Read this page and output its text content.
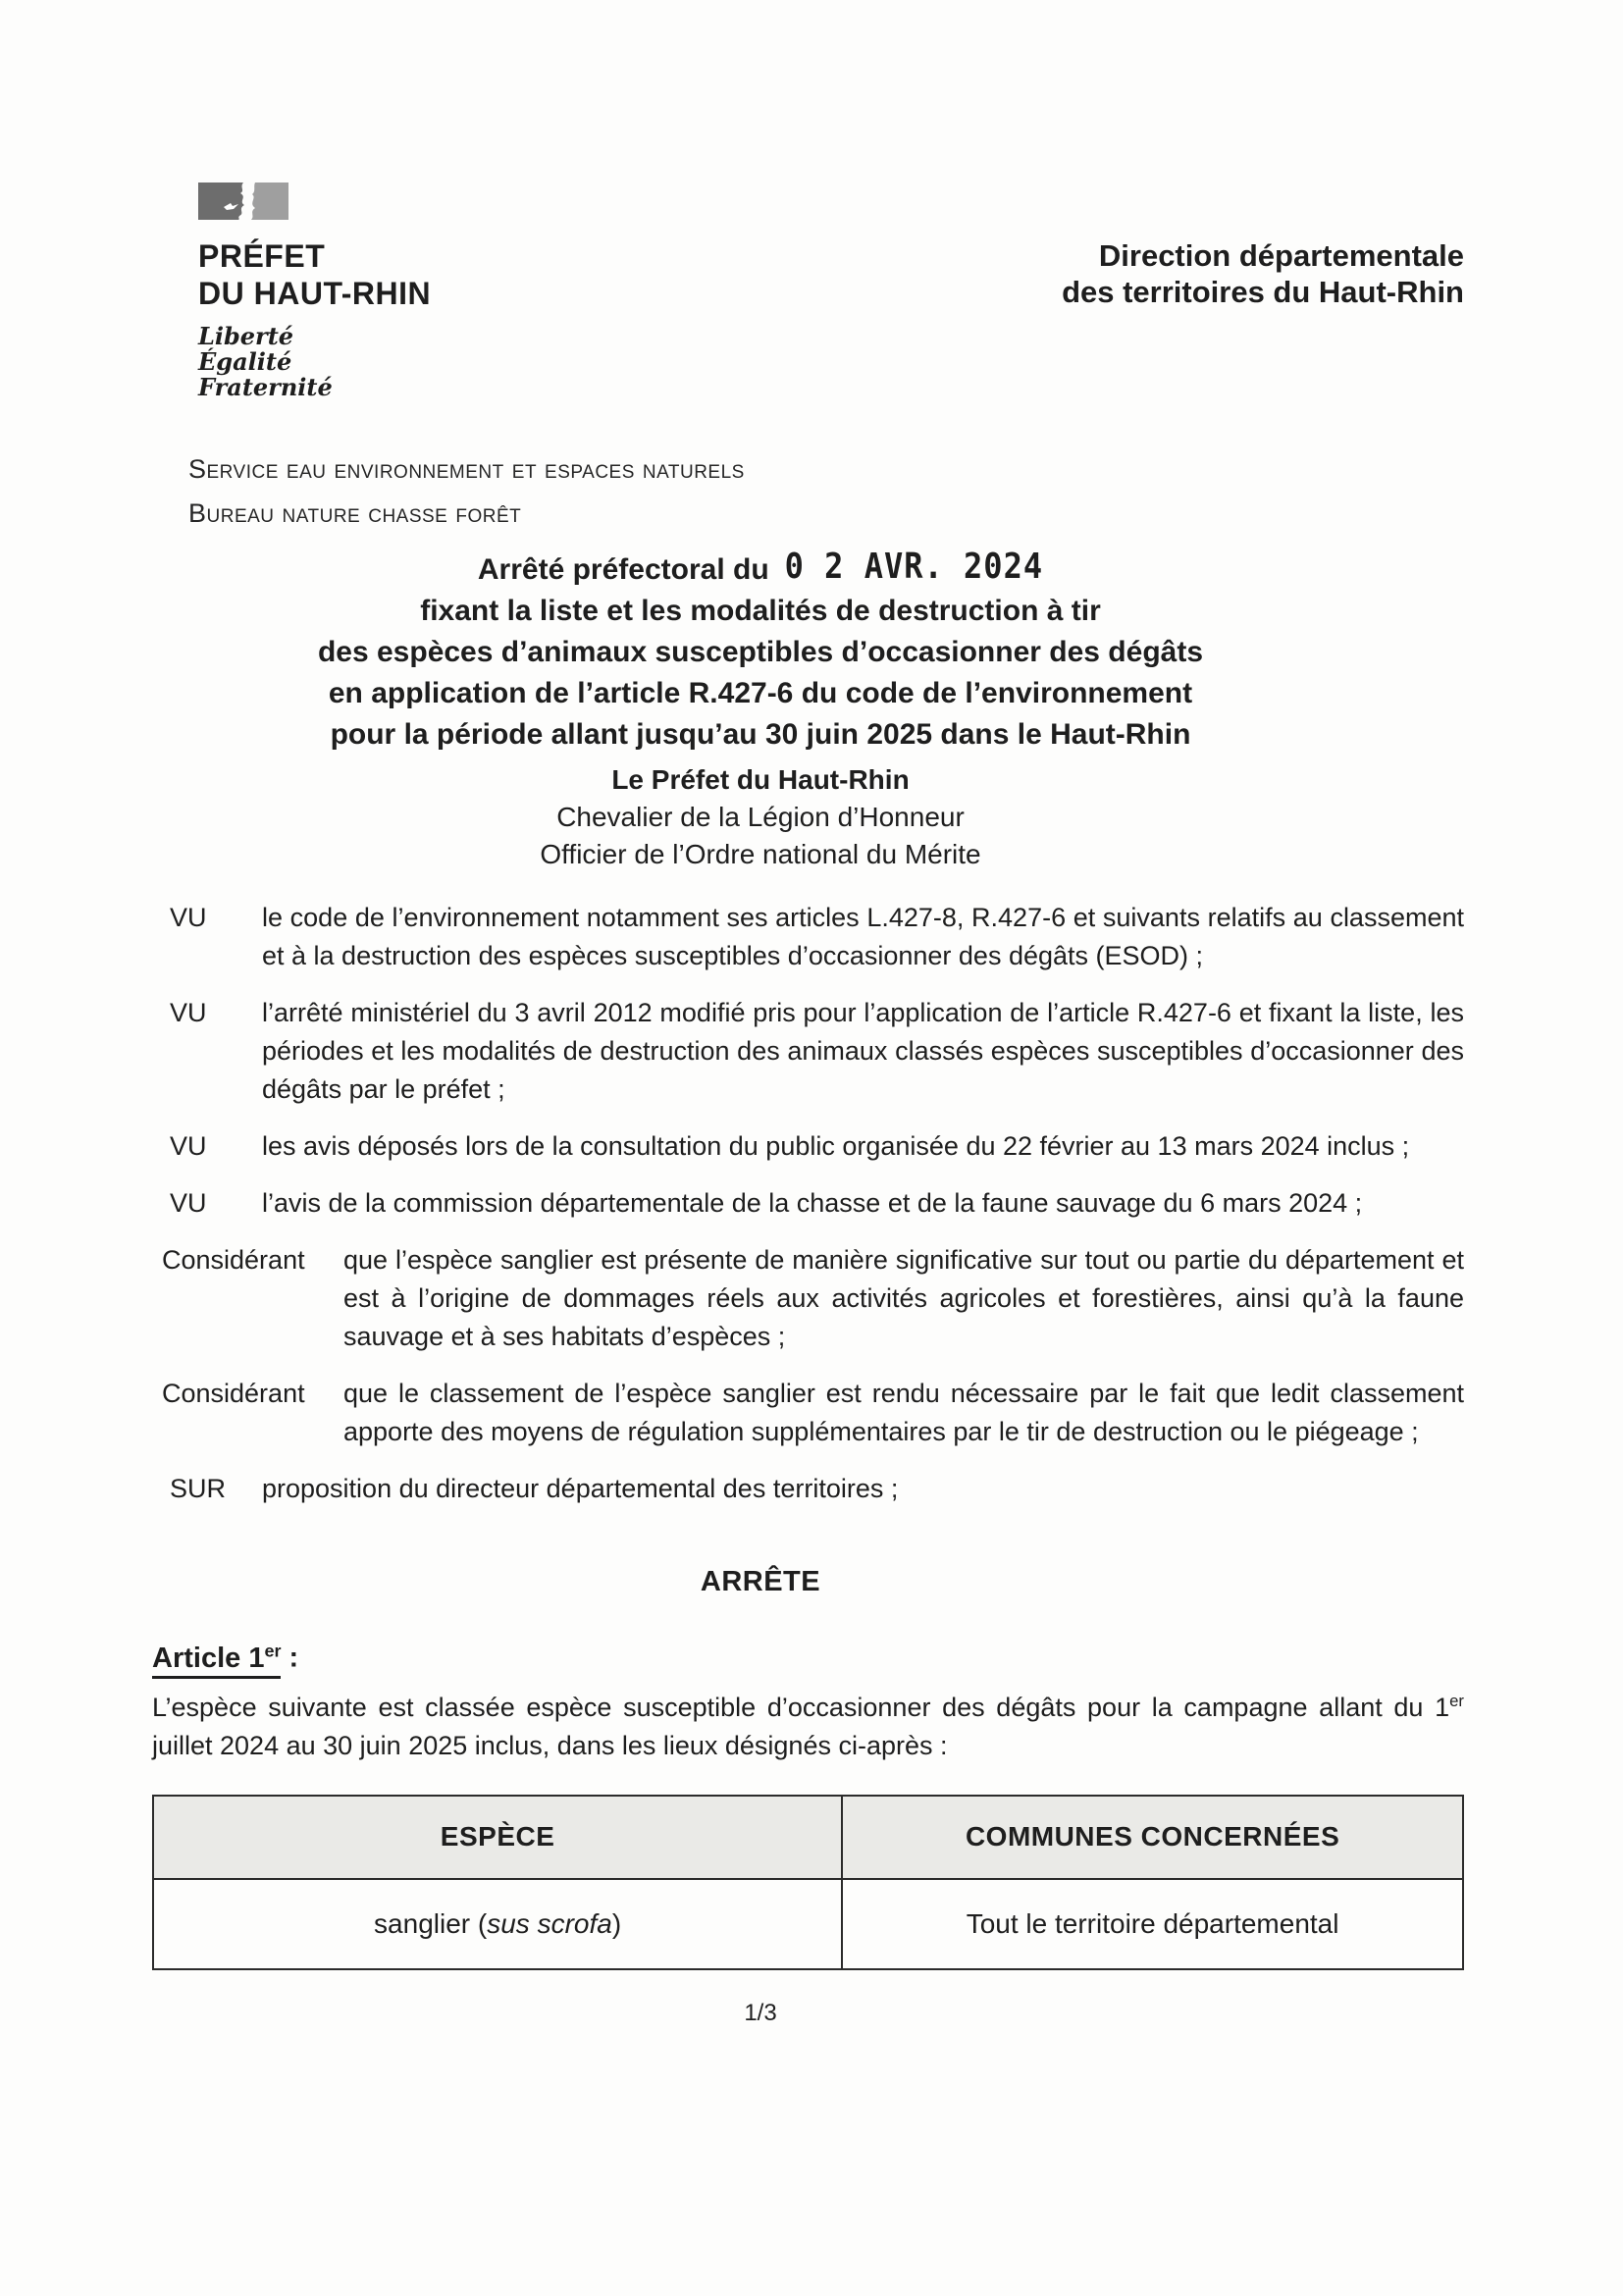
PRÉFET
DU HAUT-RHIN
Liberté
Égalité
Fraternité
Direction départementale
des territoires du Haut-Rhin
Service eau environnement et espaces naturels
Bureau nature chasse forêt
Arrêté préfectoral du 0 2 AVR. 2024
fixant la liste et les modalités de destruction à tir
des espèces d’animaux susceptibles d’occasionner des dégâts
en application de l’article R.427-6 du code de l’environnement
pour la période allant jusqu’au 30 juin 2025 dans le Haut-Rhin
Le Préfet du Haut-Rhin
Chevalier de la Légion d’Honneur
Officier de l’Ordre national du Mérite
VU	le code de l’environnement notamment ses articles L.427-8, R.427-6 et suivants relatifs au classement et à la destruction des espèces susceptibles d’occasionner des dégâts (ESOD) ;
VU	l’arrêté ministériel du 3 avril 2012 modifié pris pour l’application de l’article R.427-6 et fixant la liste, les périodes et les modalités de destruction des animaux classés espèces susceptibles d’occasionner des dégâts par le préfet ;
VU	les avis déposés lors de la consultation du public organisée du 22 février au 13 mars 2024 inclus ;
VU	l’avis de la commission départementale de la chasse et de la faune sauvage du 6 mars 2024 ;
Considérant	que l’espèce sanglier est présente de manière significative sur tout ou partie du département et est à l’origine de dommages réels aux activités agricoles et forestières, ainsi qu’à la faune sauvage et à ses habitats d’espèces ;
Considérant	que le classement de l’espèce sanglier est rendu nécessaire par le fait que ledit classement apporte des moyens de régulation supplémentaires par le tir de destruction ou le piégeage ;
SUR	proposition du directeur départemental des territoires ;
ARRÊTE
Article 1er :

L’espèce suivante est classée espèce susceptible d’occasionner des dégâts pour la campagne allant du 1er juillet 2024 au 30 juin 2025 inclus, dans les lieux désignés ci-après :

ESPÈCE	COMMUNES CONCERNÉES
sanglier (sus scrofa)	Tout le territoire départemental
1/3
